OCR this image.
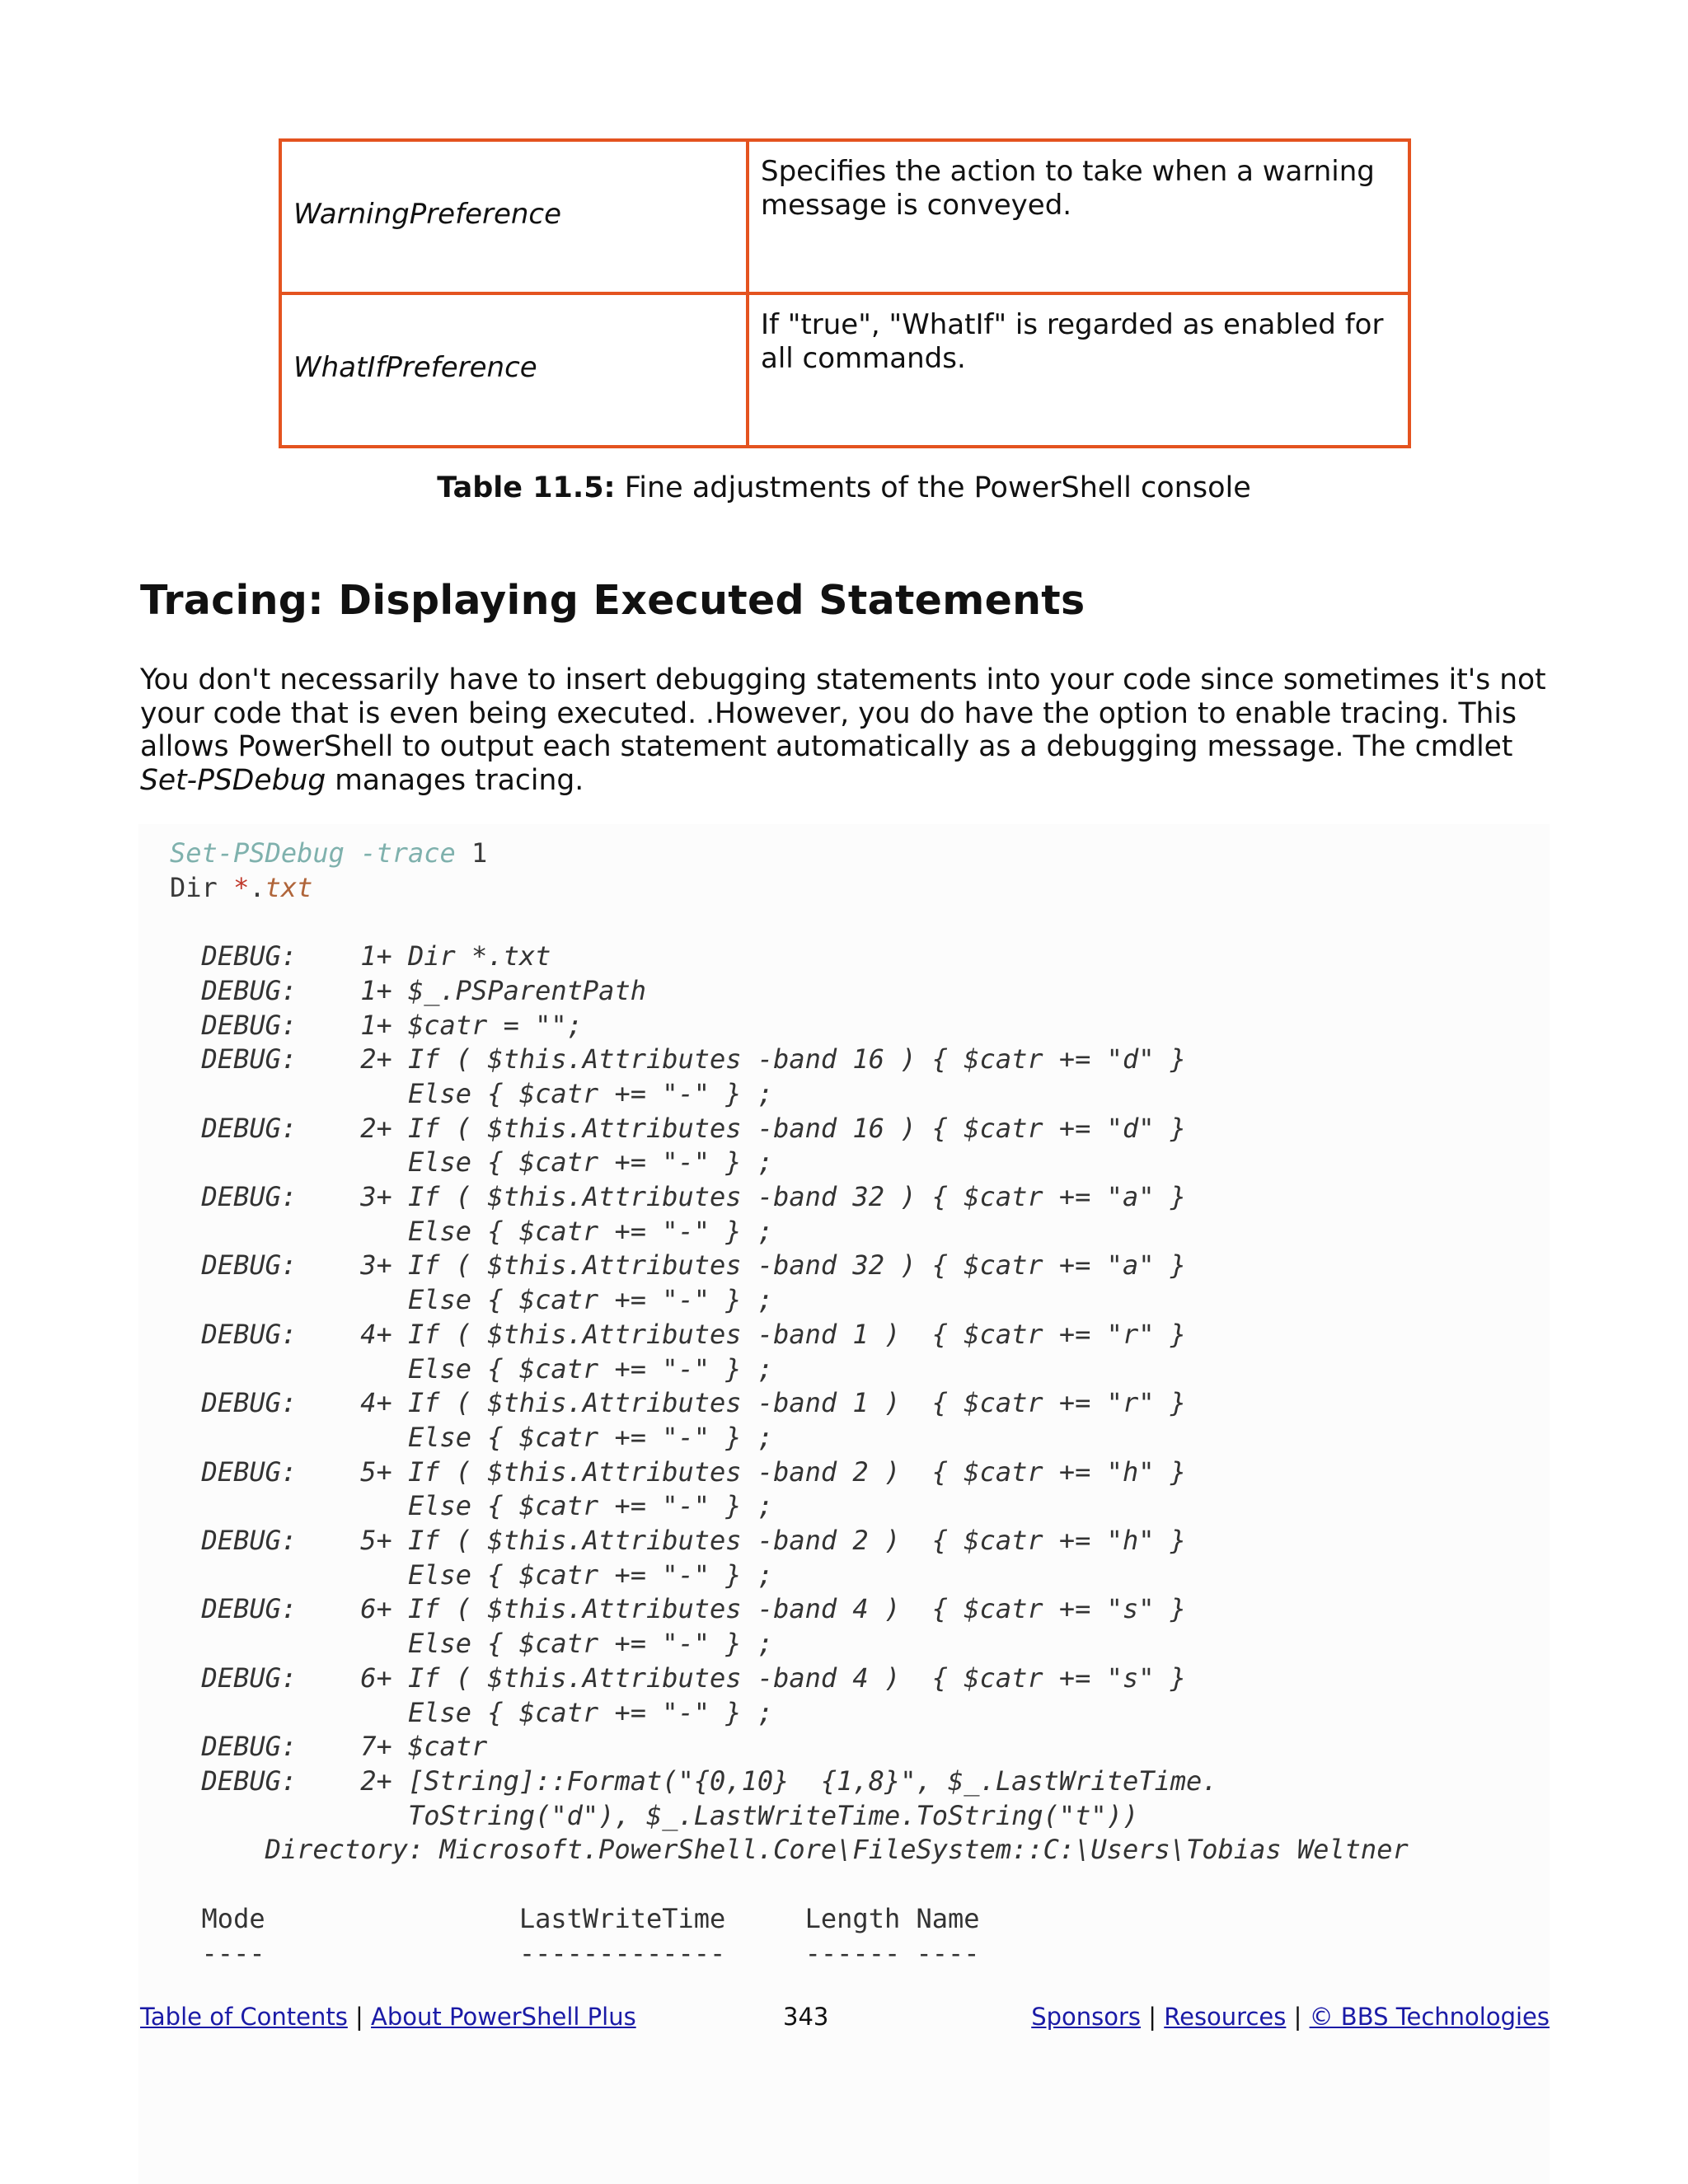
WarningPreference	Specifies the action to take when a warning
message is conveyed.

WhatIfPreference	If "true", "WhatIf" is regarded as enabled for
all commands.
Table 11.5: Fine adjustments of the PowerShell console
Tracing: Displaying Executed Statements

You don't necessarily have to insert debugging statements into your code since sometimes it's not your code that is even being executed. .However, you do have the option to enable tracing. This allows PowerShell to output each statement automatically as a debugging message. The cmdlet Set-PSDebug manages tracing.

Set-PSDebug -trace 1
Dir *.txt

DEBUG:    1+ Dir *.txt
DEBUG:    1+ $_.PSParentPath
DEBUG:    1+ $catr = "";
DEBUG:    2+ If ( $this.Attributes -band 16 ) { $catr += "d" }
Else { $catr += "-" } ;
DEBUG:    2+ If ( $this.Attributes -band 16 ) { $catr += "d" }
Else { $catr += "-" } ;
DEBUG:    3+ If ( $this.Attributes -band 32 ) { $catr += "a" }
Else { $catr += "-" } ;
DEBUG:    3+ If ( $this.Attributes -band 32 ) { $catr += "a" }
Else { $catr += "-" } ;
DEBUG:    4+ If ( $this.Attributes -band 1 )  { $catr += "r" }
Else { $catr += "-" } ;
DEBUG:    4+ If ( $this.Attributes -band 1 )  { $catr += "r" }
Else { $catr += "-" } ;
DEBUG:    5+ If ( $this.Attributes -band 2 )  { $catr += "h" }
Else { $catr += "-" } ;
DEBUG:    5+ If ( $this.Attributes -band 2 )  { $catr += "h" }
Else { $catr += "-" } ;
DEBUG:    6+ If ( $this.Attributes -band 4 )  { $catr += "s" }
Else { $catr += "-" } ;
DEBUG:    6+ If ( $this.Attributes -band 4 )  { $catr += "s" }
Else { $catr += "-" } ;
DEBUG:    7+ $catr
DEBUG:    2+ [String]::Format("{0,10}  {1,8}", $_.LastWriteTime.
ToString("d"), $_.LastWriteTime.ToString("t"))
Directory: Microsoft.PowerShell.Core\FileSystem::C:\Users\Tobias Weltner

Mode                LastWriteTime     Length Name
----                -------------     ------ ----
Table of Contents | About PowerShell Plus	343	Sponsors | Resources | © BBS Technologies
